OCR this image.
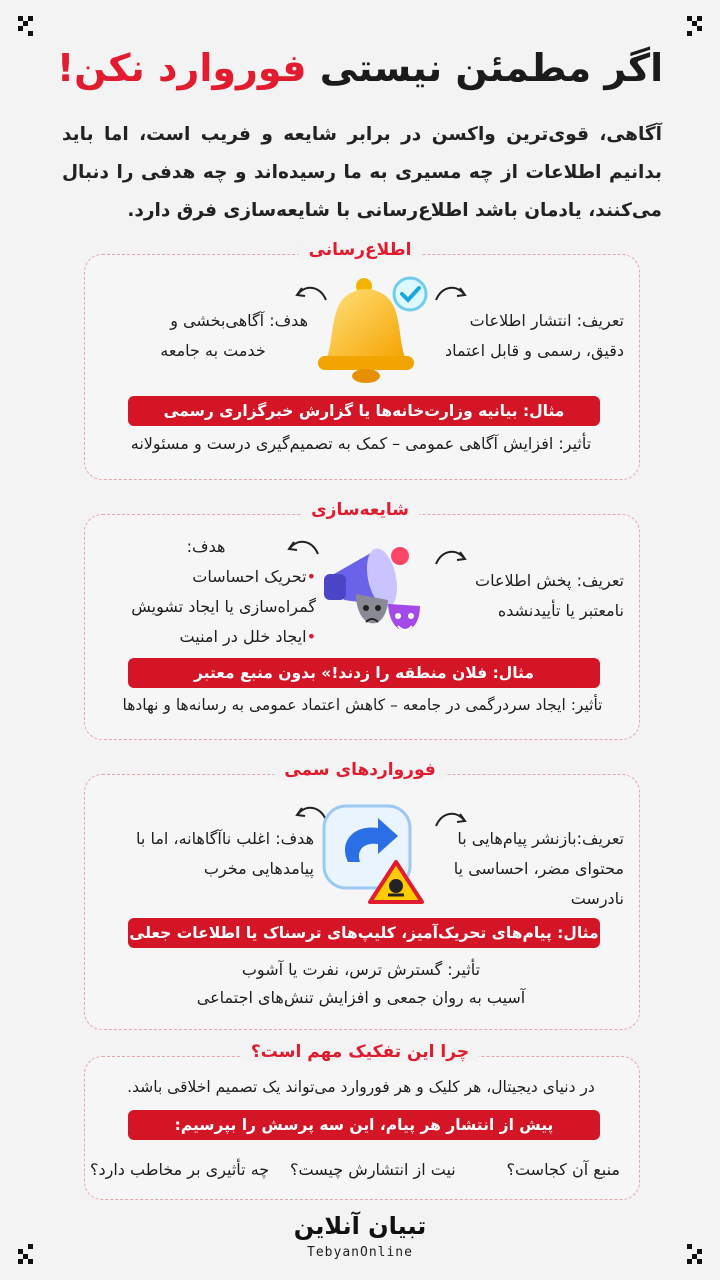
اگر مطمئن نیستی فوروارد نکن!
آگاهی، قوی‌ترین واکسن در برابر شایعه و فریب است، اما باید بدانیم اطلاعات از چه مسیری به ما رسیده‌اند و چه هدفی را دنبال می‌کنند، یادمان باشد اطلاع‌رسانی با شایعه‌سازی فرق دارد.
اطلاع‌رسانی
تعریف: انتشار اطلاعات
دقیق، رسمی و قابل اعتماد
هدف: آگاهی‌بخشی و
خدمت به جامعه
مثال: بیانیه وزارت‌خانه‌ها یا گزارش خبرگزاری رسمی
تأثیر: افزایش آگاهی عمومی – کمک به تصمیم‌گیری درست و مسئولانه
شایعه‌سازی
تعریف: پخش اطلاعات
نامعتبر یا تأییدنشده
هدف:
•تحریک احساسات
گمراه‌سازی یا ایجاد تشویش
•ایجاد خلل در امنیت
مثال: فلان منطقه را زدند!» بدون منبع معتبر
تأثیر: ایجاد سردرگمی در جامعه – کاهش اعتماد عمومی به رسانه‌ها و نهادها
فورواردهای سمی
تعریف:بازنشر پیام‌هایی با
محتوای مضر، احساسی یا
نادرست
هدف: اغلب ناآگاهانه، اما با
پیامدهایی مخرب
مثال: پیام‌های تحریک‌آمیز، کلیپ‌های ترسناک یا اطلاعات جعلی
تأثیر: گسترش ترس، نفرت یا آشوب
آسیب به روان جمعی و افزایش تنش‌های اجتماعی
چرا این تفکیک مهم است؟
در دنیای دیجیتال، هر کلیک و هر فوروارد می‌تواند یک تصمیم اخلاقی باشد.
پیش از انتشار هر پیام، این سه پرسش را بپرسیم:
منبع آن کجاست؟
نیت از انتشارش چیست؟
چه تأثیری بر مخاطب دارد؟
تبیان آنلاین
TebyanOnline
